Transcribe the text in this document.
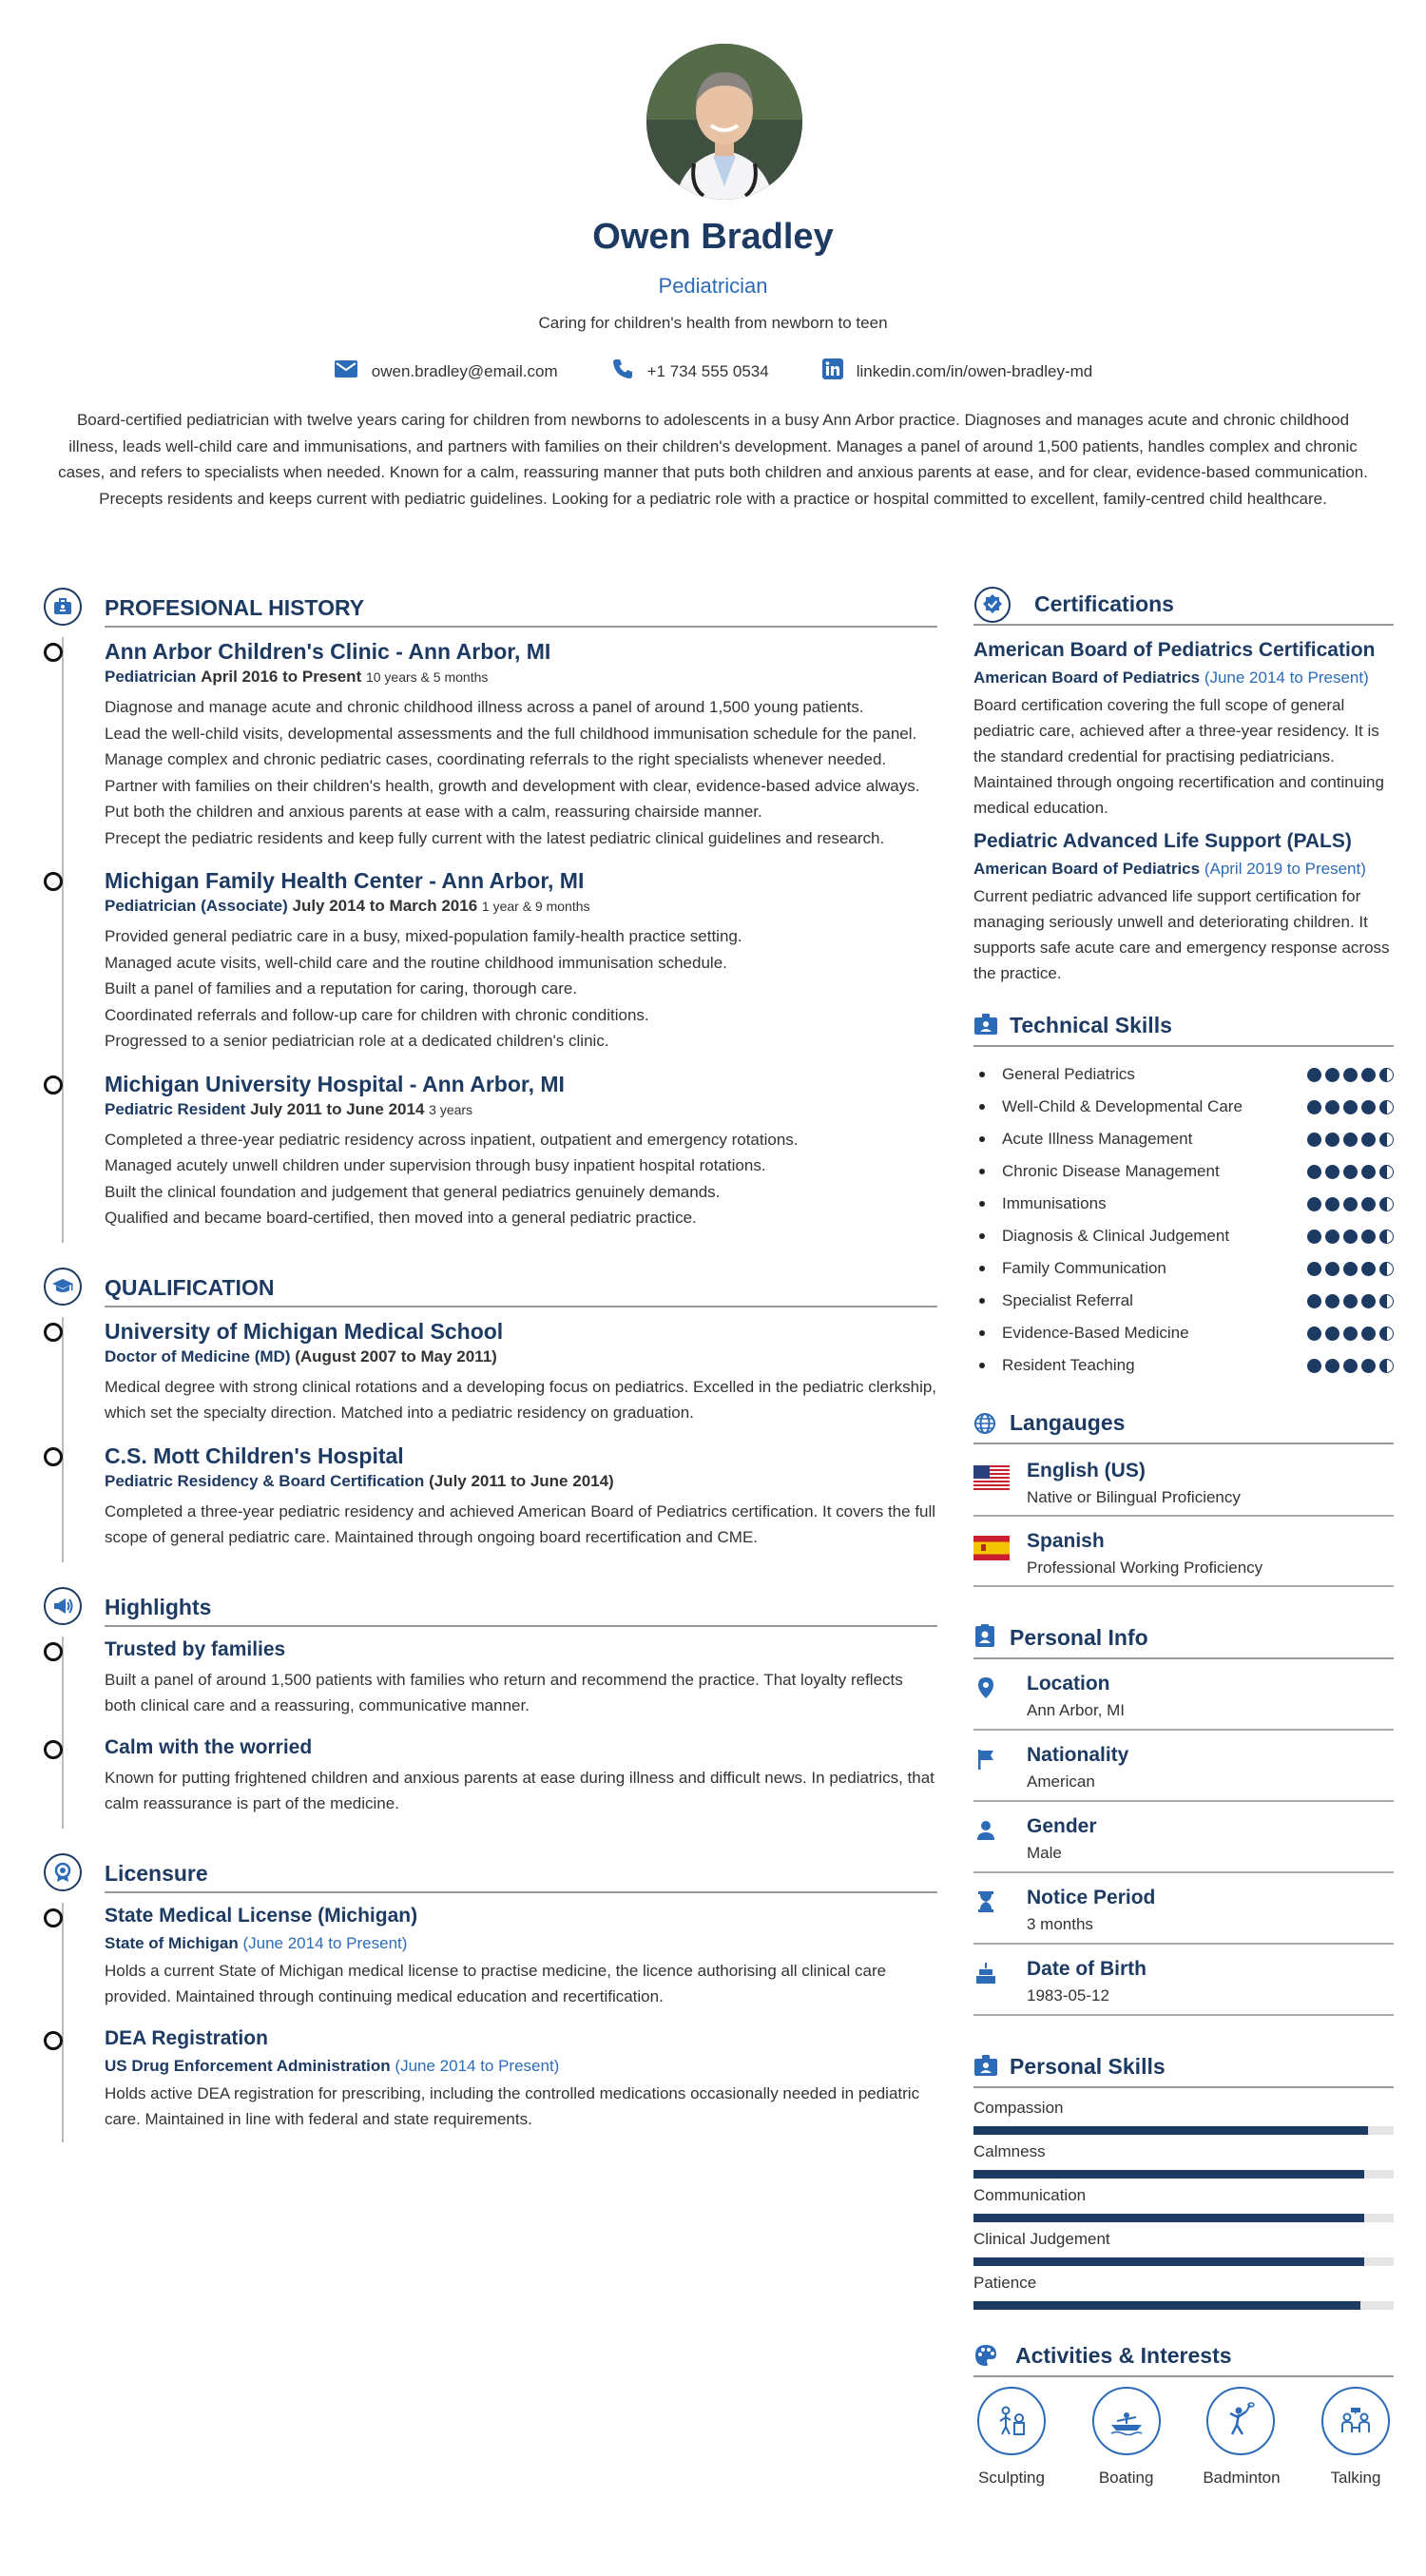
Owen Bradley
Pediatrician
Caring for children's health from newborn to teen
owen.bradley@email.com	+1 734 555 0534	linkedin.com/in/owen-bradley-md
Board-certified pediatrician with twelve years caring for children from newborns to adolescents in a busy Ann Arbor practice. Diagnoses and manages acute and chronic childhood illness, leads well-child care and immunisations, and partners with families on their children's development. Manages a panel of around 1,500 patients, handles complex and chronic cases, and refers to specialists when needed. Known for a calm, reassuring manner that puts both children and anxious parents at ease, and for clear, evidence-based communication. Precepts residents and keeps current with pediatric guidelines. Looking for a pediatric role with a practice or hospital committed to excellent, family-centred child healthcare.
PROFESIONAL HISTORY
Ann Arbor Children's Clinic - Ann Arbor, MI
Pediatrician April 2016 to Present 10 years & 5 months

Diagnose and manage acute and chronic childhood illness across a panel of around 1,500 young patients.

Lead the well-child visits, developmental assessments and the full childhood immunisation schedule for the panel.

Manage complex and chronic pediatric cases, coordinating referrals to the right specialists whenever needed.

Partner with families on their children's health, growth and development with clear, evidence-based advice always.

Put both the children and anxious parents at ease with a calm, reassuring chairside manner.

Precept the pediatric residents and keep fully current with the latest pediatric clinical guidelines and research.

Michigan Family Health Center - Ann Arbor, MI
Pediatrician (Associate) July 2014 to March 2016 1 year & 9 months

Provided general pediatric care in a busy, mixed-population family-health practice setting.

Managed acute visits, well-child care and the routine childhood immunisation schedule.

Built a panel of families and a reputation for caring, thorough care.

Coordinated referrals and follow-up care for children with chronic conditions.

Progressed to a senior pediatrician role at a dedicated children's clinic.

Michigan University Hospital - Ann Arbor, MI
Pediatric Resident July 2011 to June 2014 3 years

Completed a three-year pediatric residency across inpatient, outpatient and emergency rotations.

Managed acutely unwell children under supervision through busy inpatient hospital rotations.

Built the clinical foundation and judgement that general pediatrics genuinely demands.

Qualified and became board-certified, then moved into a general pediatric practice.

QUALIFICATION
University of Michigan Medical School
Doctor of Medicine (MD) (August 2007 to May 2011)

Medical degree with strong clinical rotations and a developing focus on pediatrics. Excelled in the pediatric clerkship, which set the specialty direction. Matched into a pediatric residency on graduation.

C.S. Mott Children's Hospital
Pediatric Residency & Board Certification (July 2011 to June 2014)

Completed a three-year pediatric residency and achieved American Board of Pediatrics certification. It covers the full scope of general pediatric care. Maintained through ongoing board recertification and CME.

Highlights
Trusted by families

Built a panel of around 1,500 patients with families who return and recommend the practice. That loyalty reflects both clinical care and a reassuring, communicative manner.

Calm with the worried

Known for putting frightened children and anxious parents at ease during illness and difficult news. In pediatrics, that calm reassurance is part of the medicine.

Licensure
State Medical License (Michigan)
State of Michigan (June 2014 to Present)

Holds a current State of Michigan medical license to practise medicine, the licence authorising all clinical care provided. Maintained through continuing medical education and recertification.

DEA Registration
US Drug Enforcement Administration (June 2014 to Present)

Holds active DEA registration for prescribing, including the controlled medications occasionally needed in pediatric care. Maintained in line with federal and state requirements.

Certifications
American Board of Pediatrics Certification
American Board of Pediatrics (June 2014 to Present)
Board certification covering the full scope of general pediatric care, achieved after a three-year residency. It is the standard credential for practising pediatricians. Maintained through ongoing recertification and continuing medical education.
Pediatric Advanced Life Support (PALS)
American Board of Pediatrics (April 2019 to Present)
Current pediatric advanced life support certification for managing seriously unwell and deteriorating children. It supports safe acute care and emergency response across the practice.
Technical Skills
General Pediatrics
Well-Child & Developmental Care
Acute Illness Management
Chronic Disease Management
Immunisations
Diagnosis & Clinical Judgement
Family Communication
Specialist Referral
Evidence-Based Medicine
Resident Teaching
Langauges
English (US)
Native or Bilingual Proficiency
Spanish
Professional Working Proficiency
Personal Info
Location
Ann Arbor, MI
Nationality
American
Gender
Male
Notice Period
3 months
Date of Birth
1983-05-12
Personal Skills
Compassion
Calmness
Communication
Clinical Judgement
Patience
Activities & Interests
Sculpting	Boating	Badminton	Talking
